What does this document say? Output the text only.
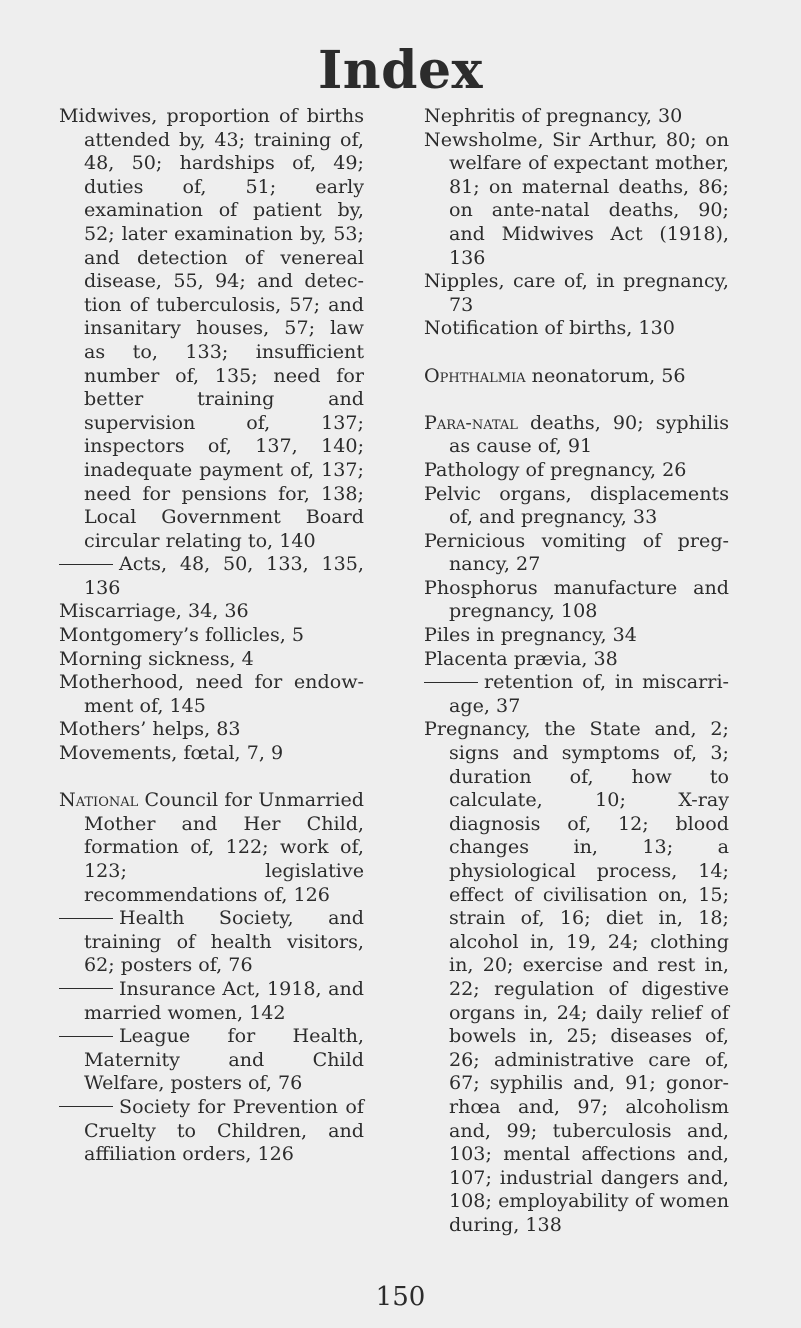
Index

Midwives, proportion of births attended by, 43; training of, 48, 50; hardships of, 49; duties of, 51; early examination of patient by, 52; later examination by, 53; and detection of venereal disease, 55, 94; and detection of tuberculosis, 57; and insanitary houses, 57; law as to, 133; insufficient number of, 135; need for better training and supervision of, 137; inspectors of, 137, 140; inadequate payment of, 137; need for pensions for, 138; Local Government Board circular relating to, 140

Acts, 48, 50, 133, 135, 136

Miscarriage, 34, 36

Montgomery’s follicles, 5

Morning sickness, 4

Motherhood, need for endowment of, 145

Mothers’ helps, 83

Movements, fœtal, 7, 9

National Council for Unmarried Mother and Her Child, formation of, 122; work of, 123; legislative recommendations of, 126

Health Society, and training of health visitors, 62; posters of, 76

Insurance Act, 1918, and married women, 142

League for Health, Maternity and Child Welfare, posters of, 76

Society for Prevention of Cruelty to Children, and affiliation orders, 126

Nephritis of pregnancy, 30

Newsholme, Sir Arthur, 80; on welfare of expectant mother, 81; on maternal deaths, 86; on ante-natal deaths, 90; and Midwives Act (1918), 136

Nipples, care of, in pregnancy, 73

Notification of births, 130

Ophthalmia neonatorum, 56

Para-natal deaths, 90; syphilis as cause of, 91

Pathology of pregnancy, 26

Pelvic organs, displacements of, and pregnancy, 33

Pernicious vomiting of pregnancy, 27

Phosphorus manufacture and pregnancy, 108

Piles in pregnancy, 34

Placenta prævia, 38

retention of, in miscarriage, 37

Pregnancy, the State and, 2; signs and symptoms of, 3; duration of, how to calculate, 10; X-ray diagnosis of, 12; blood changes in, 13; a physiological process, 14; effect of civilisation on, 15; strain of, 16; diet in, 18; alcohol in, 19, 24; clothing in, 20; exercise and rest in, 22; regulation of digestive organs in, 24; daily relief of bowels in, 25; diseases of, 26; administrative care of, 67; syphilis and, 91; gonorrhœa and, 97; alcoholism and, 99; tuberculosis and, 103; mental affections and, 107; industrial dangers and, 108; employability of women during, 138

150
